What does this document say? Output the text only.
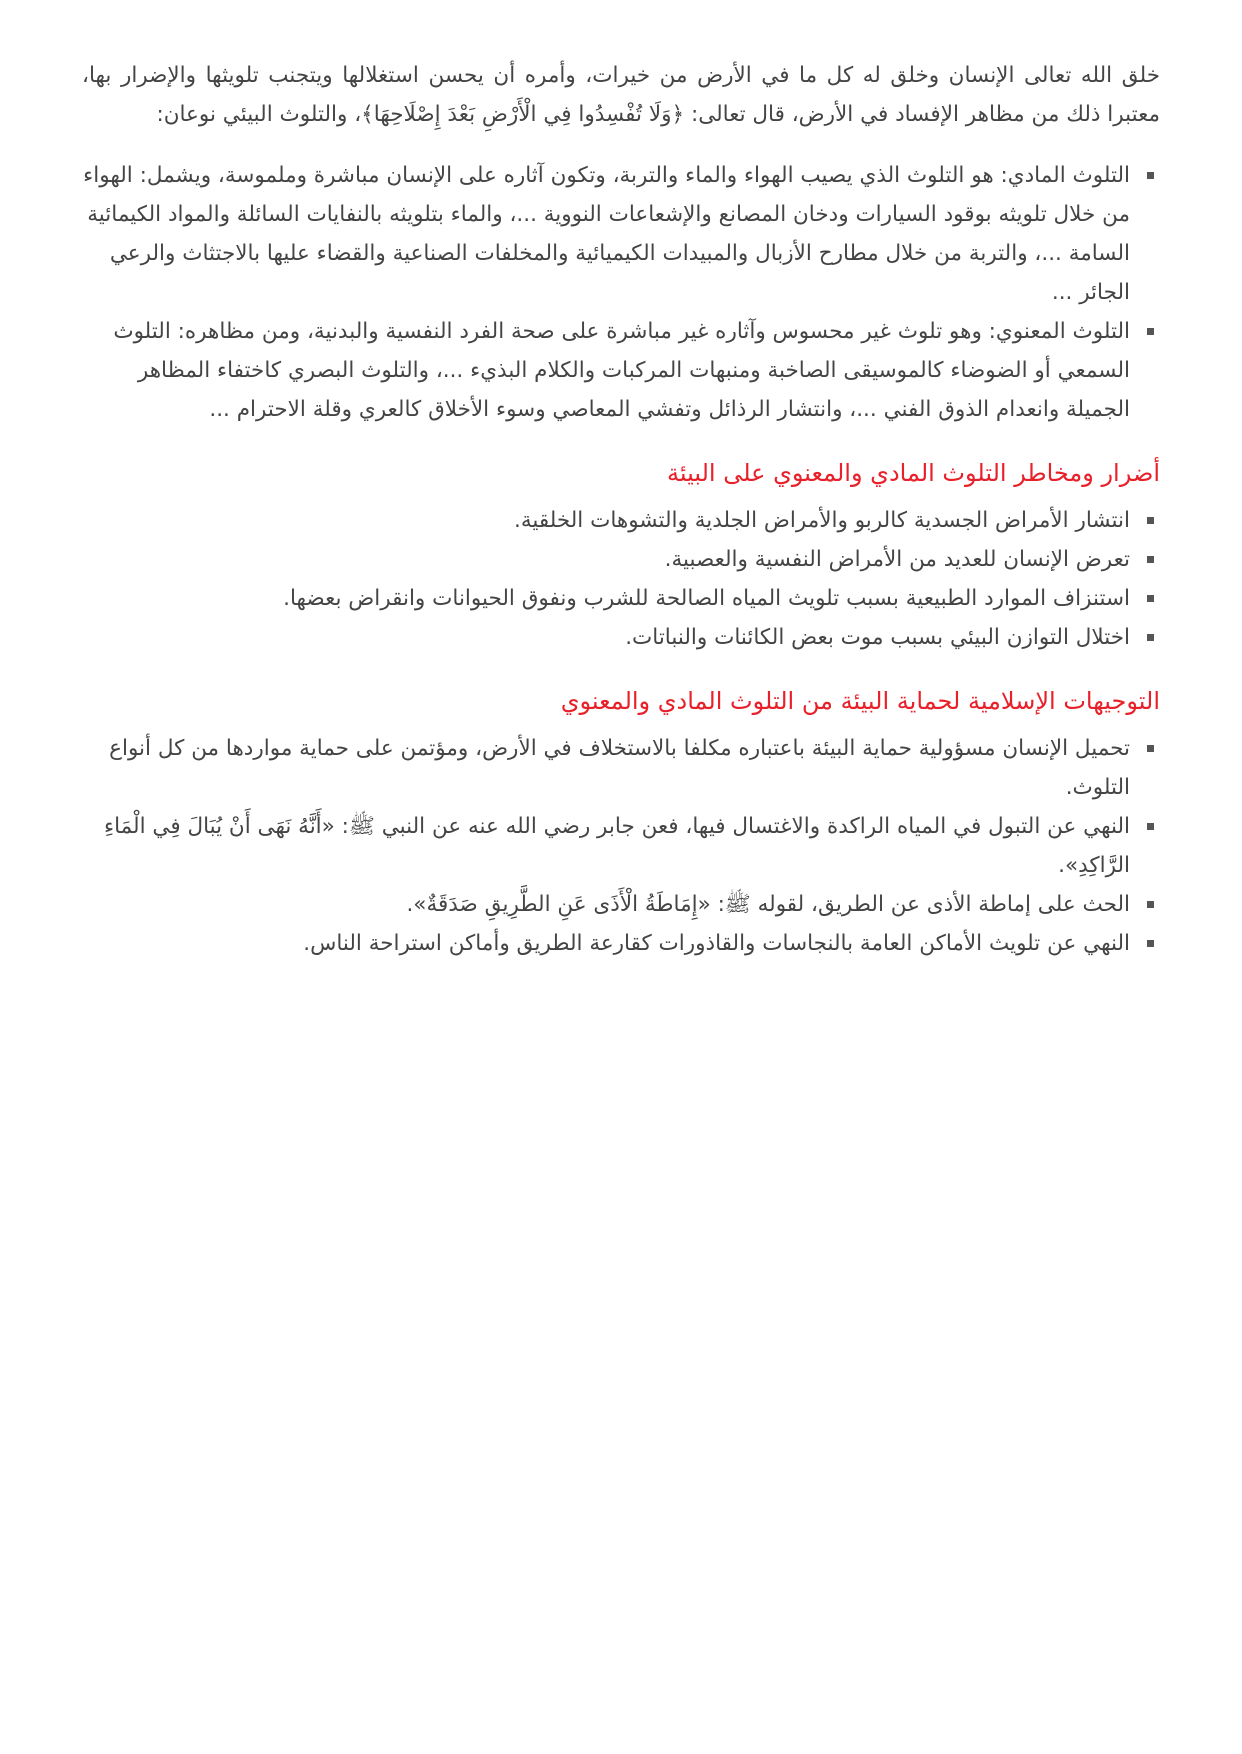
خلق الله تعالى الإنسان وخلق له كل ما في الأرض من خيرات، وأمره أن يحسن استغلالها ويتجنب تلويثها والإضرار بها، معتبرا ذلك من مظاهر الإفساد في الأرض، قال تعالى: ﴿وَلَا تُفْسِدُوا فِي الْأَرْضِ بَعْدَ إِصْلَاحِهَا﴾، والتلوث البيئي نوعان:

التلوث المادي: هو التلوث الذي يصيب الهواء والماء والتربة، وتكون آثاره على الإنسان مباشرة وملموسة، ويشمل: الهواء من خلال تلويثه بوقود السيارات ودخان المصانع والإشعاعات النووية ...، والماء بتلويثه بالنفايات السائلة والمواد الكيمائية السامة ...، والتربة من خلال مطارح الأزبال والمبيدات الكيميائية والمخلفات الصناعية والقضاء عليها بالاجتثاث والرعي الجائر ...
التلوث المعنوي: وهو تلوث غير محسوس وآثاره غير مباشرة على صحة الفرد النفسية والبدنية، ومن مظاهره: التلوث السمعي أو الضوضاء كالموسيقى الصاخبة ومنبهات المركبات والكلام البذيء ...، والتلوث البصري كاختفاء المظاهر الجميلة وانعدام الذوق الفني ...، وانتشار الرذائل وتفشي المعاصي وسوء الأخلاق كالعري وقلة الاحترام ...
أضرار ومخاطر التلوث المادي والمعنوي على البيئة
انتشار الأمراض الجسدية كالربو والأمراض الجلدية والتشوهات الخلقية.
تعرض الإنسان للعديد من الأمراض النفسية والعصبية.
استنزاف الموارد الطبيعية بسبب تلويث المياه الصالحة للشرب ونفوق الحيوانات وانقراض بعضها.
اختلال التوازن البيئي بسبب موت بعض الكائنات والنباتات.
التوجيهات الإسلامية لحماية البيئة من التلوث المادي والمعنوي
تحميل الإنسان مسؤولية حماية البيئة باعتباره مكلفا بالاستخلاف في الأرض، ومؤتمن على حماية مواردها من كل أنواع التلوث.
النهي عن التبول في المياه الراكدة والاغتسال فيها، فعن جابر رضي الله عنه عن النبي ﷺ: «أَنَّهُ نَهَى أَنْ يُبَالَ فِي الْمَاءِ الرَّاكِدِ».
الحث على إماطة الأذى عن الطريق، لقوله ﷺ: «إِمَاطَةُ الْأَذَى عَنِ الطَّرِيقِ صَدَقَةٌ».
النهي عن تلويث الأماكن العامة بالنجاسات والقاذورات كقارعة الطريق وأماكن استراحة الناس.
